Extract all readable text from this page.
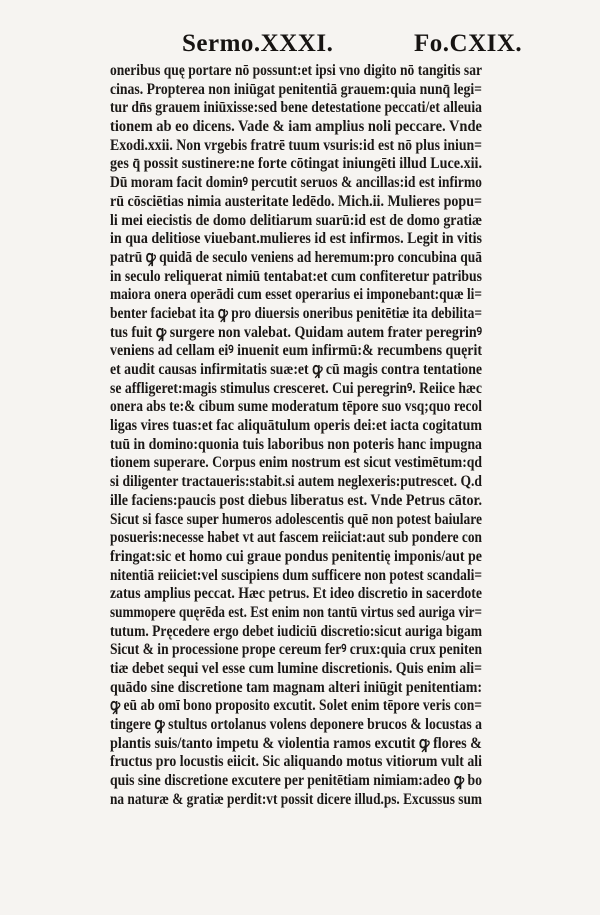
Sermo.XXXI.	Fo.CXIX.
oneribus quę portare nō possunt:et ipsi vno digito nō tangitis sar
cinas. Propterea non iniūgat penitentiā grauem:quia nunq̄ legi=
tur dn̄s grauem iniūxisse:sed bene detestatione peccati/et alleuia
tionem ab eo dicens. Vade & iam amplius noli peccare. Vnde
Exodi.xxii. Non vrgebis fratrē tuum vsuris:id est nō plus iniun=
ges q̄ possit sustinere:ne forte cōtingat iniungēti illud Luce.xii.
Dū moram facit dominꝰ percutit seruos & ancillas:id est infirmo
rū cōsciētias nimia austeritate ledēdo. Mich.ii. Mulieres popu=
li mei eiecistis de domo delitiarum suarū:id est de domo gratiæ
in qua delitiose viuebant.mulieres id est infirmos. Legit in vitis
patrū ꝙ quidā de seculo veniens ad heremum:pro concubina quā
in seculo reliquerat nimiū tentabat:et cum confiteretur patribus
maiora onera operādi cum esset operarius ei imponebant:quæ li=
benter faciebat ita ꝙ pro diuersis oneribus penitētiæ ita debilita=
tus fuit ꝙ surgere non valebat. Quidam autem frater peregrinꝰ
veniens ad cellam eiꝰ inuenit eum infirmū:& recumbens quęrit
et audit causas infirmitatis suæ:et ꝙ cū magis contra tentatione
se affligeret:magis stimulus cresceret. Cui peregrinꝰ. Reiice hæc
onera abs te:& cibum sume moderatum tēpore suo vsq;quo recol
ligas vires tuas:et fac aliquātulum operis dei:et iacta cogitatum
tuū in domino:quonia tuis laboribus non poteris hanc impugna
tionem superare. Corpus enim nostrum est sicut vestimētum:qd
si diligenter tractaueris:stabit.si autem neglexeris:putrescet. Q.d
ille faciens:paucis post diebus liberatus est. Vnde Petrus cātor.
Sicut si fasce super humeros adolescentis quē non potest baiulare
posueris:necesse habet vt aut fascem reiiciat:aut sub pondere con
fringat:sic et homo cui graue pondus penitentię imponis/aut pe
nitentiā reiiciet:vel suscipiens dum sufficere non potest scandali=
zatus amplius peccat. Hæc petrus. Et ideo discretio in sacerdote
summopere quęrēda est. Est enim non tantū virtus sed auriga vir=
tutum. Pręcedere ergo debet iudiciū discretio:sicut auriga bigam
Sicut & in processione prope cereum ferꝰ crux:quia crux peniten
tiæ debet sequi vel esse cum lumine discretionis. Quis enim ali=
quādo sine discretione tam magnam alteri iniūgit penitentiam:
ꝙ eū ab omī bono proposito excutit. Solet enim tēpore veris con=
tingere ꝙ stultus ortolanus volens deponere brucos & locustas a
plantis suis/tanto impetu & violentia ramos excutit ꝙ flores &
fructus pro locustis eiicit. Sic aliquando motus vitiorum vult ali
quis sine discretione excutere per penitētiam nimiam:adeo ꝙ bo
na naturæ & gratiæ perdit:vt possit dicere illud.ps. Excussus sum
